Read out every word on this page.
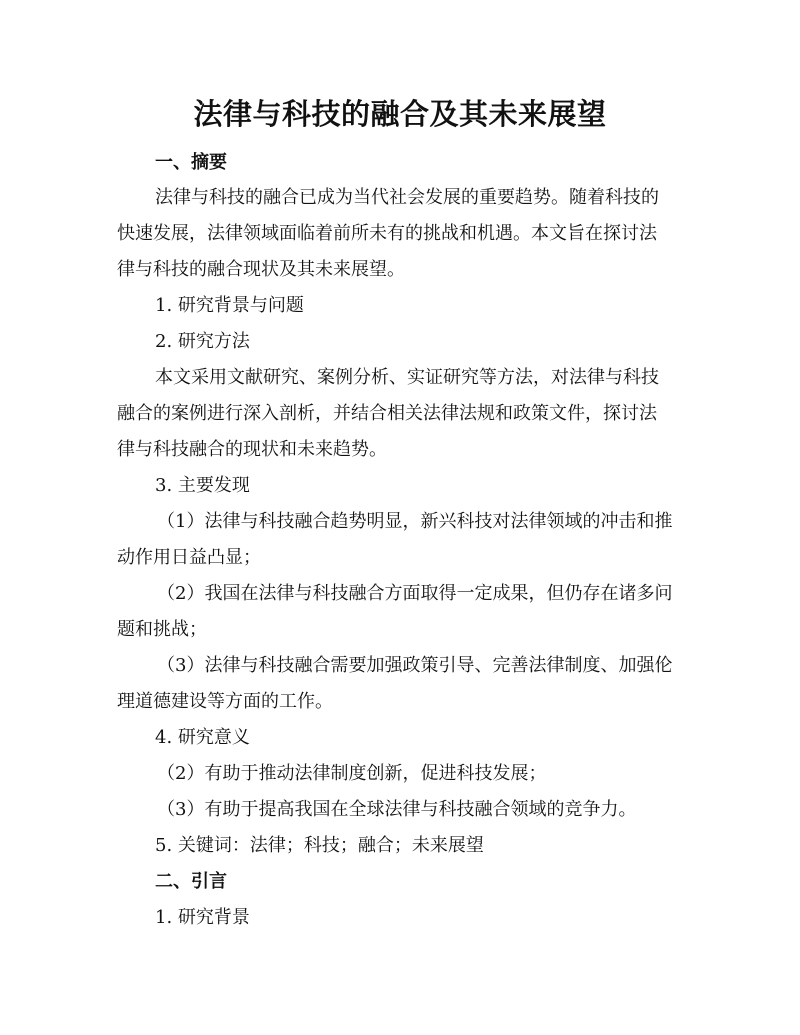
法律与科技的融合及其未来展望
一、摘要
法律与科技的融合已成为当代社会发展的重要趋势。随着科技的
快速发展，法律领域面临着前所未有的挑战和机遇。本文旨在探讨法
律与科技的融合现状及其未来展望。
1. 研究背景与问题
2. 研究方法
本文采用文献研究、案例分析、实证研究等方法，对法律与科技
融合的案例进行深入剖析，并结合相关法律法规和政策文件，探讨法
律与科技融合的现状和未来趋势。
3. 主要发现
（1）法律与科技融合趋势明显，新兴科技对法律领域的冲击和推
动作用日益凸显；
（2）我国在法律与科技融合方面取得一定成果，但仍存在诸多问
题和挑战；
（3）法律与科技融合需要加强政策引导、完善法律制度、加强伦
理道德建设等方面的工作。
4. 研究意义
（2）有助于推动法律制度创新，促进科技发展；
（3）有助于提高我国在全球法律与科技融合领域的竞争力。
5. 关键词：法律；科技；融合；未来展望
二、引言
1. 研究背景
